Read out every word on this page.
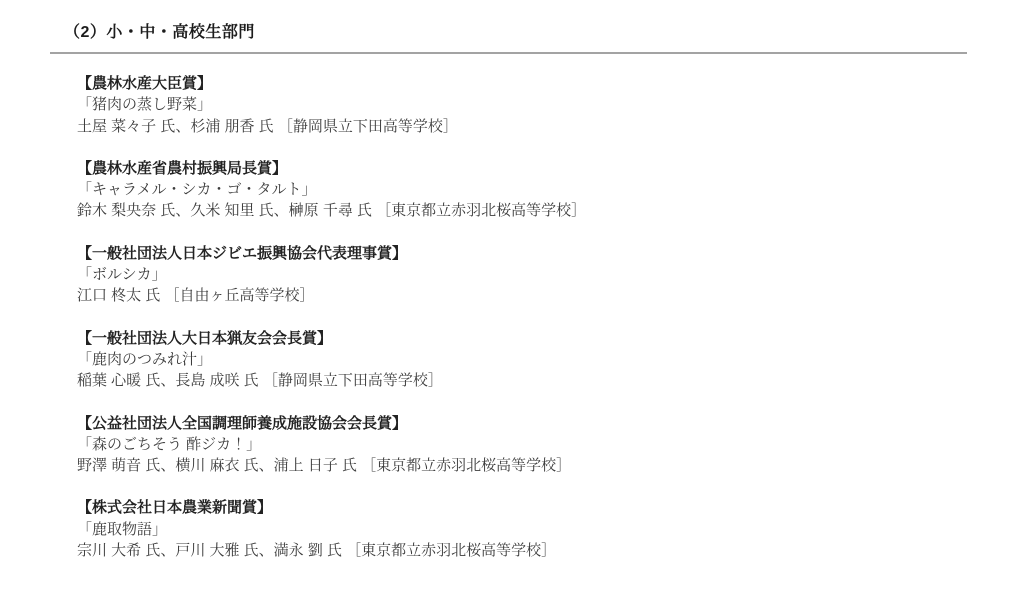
（2）小・中・高校生部門
【農林水産大臣賞】
「猪肉の蒸し野菜」
土屋 菜々子 氏、杉浦 朋香 氏 ［静岡県立下田高等学校］
【農林水産省農村振興局長賞】
「キャラメル・シカ・ゴ・タルト」
鈴木 梨央奈 氏、久米 知里 氏、榊原 千尋 氏 ［東京都立赤羽北桜高等学校］
【一般社団法人日本ジビエ振興協会代表理事賞】
「ボルシカ」
江口 柊太 氏 ［自由ヶ丘高等学校］
【一般社団法人大日本猟友会会長賞】
「鹿肉のつみれ汁」
稲葉 心暖 氏、長島 成咲 氏 ［静岡県立下田高等学校］
【公益社団法人全国調理師養成施設協会会長賞】
「森のごちそう 酢ジカ！」
野澤 萌音 氏、横川 麻衣 氏、浦上 日子 氏 ［東京都立赤羽北桜高等学校］
【株式会社日本農業新聞賞】
「鹿取物語」
宗川 大希 氏、戸川 大雅 氏、満永 劉 氏 ［東京都立赤羽北桜高等学校］
